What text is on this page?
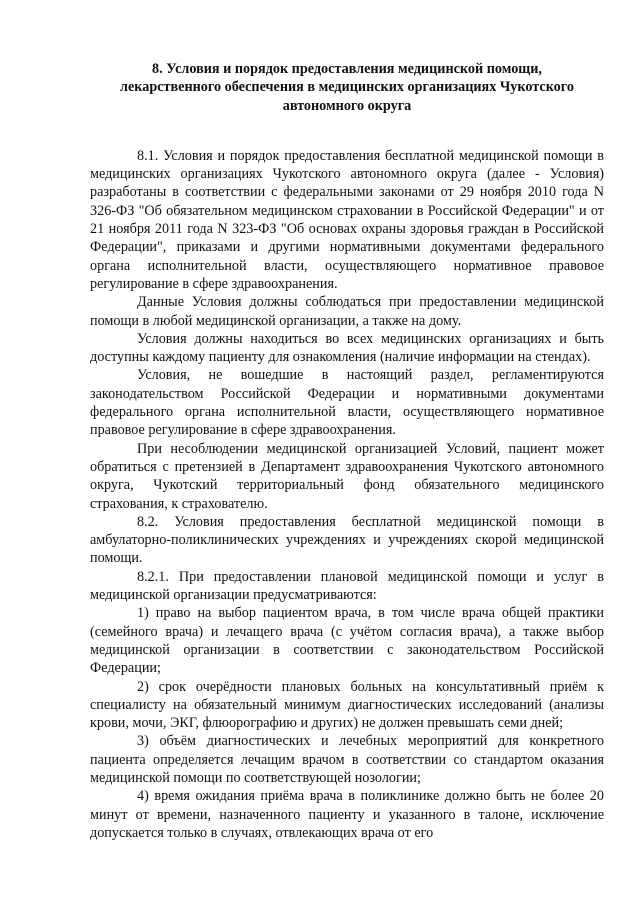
8. Условия и порядок предоставления медицинской помощи,
лекарственного обеспечения в медицинских организациях Чукотского
автономного округа

8.1. Условия и порядок предоставления бесплатной медицинской помощи в медицинских организациях Чукотского автономного округа (далее - Условия) разработаны в соответствии с федеральными законами от 29 ноября 2010 года N 326-ФЗ "Об обязательном медицинском страховании в Российской Федерации" и от 21 ноября 2011 года N 323-ФЗ "Об основах охраны здоровья граждан в Российской Федерации", приказами и другими нормативными документами федерального органа исполнительной власти, осуществляющего нормативное правовое регулирование в сфере здравоохранения.

Данные Условия должны соблюдаться при предоставлении медицинской помощи в любой медицинской организации, а также на дому.

Условия должны находиться во всех медицинских организациях и быть доступны каждому пациенту для ознакомления (наличие информации на стендах).

Условия, не вошедшие в настоящий раздел, регламентируются законодательством Российской Федерации и нормативными документами федерального органа исполнительной власти, осуществляющего нормативное правовое регулирование в сфере здравоохранения.

При несоблюдении медицинской организацией Условий, пациент может обратиться с претензией в Департамент здравоохранения Чукотского автономного округа, Чукотский территориальный фонд обязательного медицинского страхования, к страхователю.

8.2. Условия предоставления бесплатной медицинской помощи в амбулаторно-поликлинических учреждениях и учреждениях скорой медицинской помощи.

8.2.1. При предоставлении плановой медицинской помощи и услуг в медицинской организации предусматриваются:

1) право на выбор пациентом врача, в том числе врача общей практики (семейного врача) и лечащего врача (с учётом согласия врача), а также выбор медицинской организации в соответствии с законодательством Российской Федерации;

2) срок очерёдности плановых больных на консультативный приём к специалисту на обязательный минимум диагностических исследований (анализы крови, мочи, ЭКГ, флюорографию и других) не должен превышать семи дней;

3) объём диагностических и лечебных мероприятий для конкретного пациента определяется лечащим врачом в соответствии со стандартом оказания медицинской помощи по соответствующей нозологии;

4) время ожидания приёма врача в поликлинике должно быть не более 20 минут от времени, назначенного пациенту и указанного в талоне, исключение допускается только в случаях, отвлекающих врача от его
